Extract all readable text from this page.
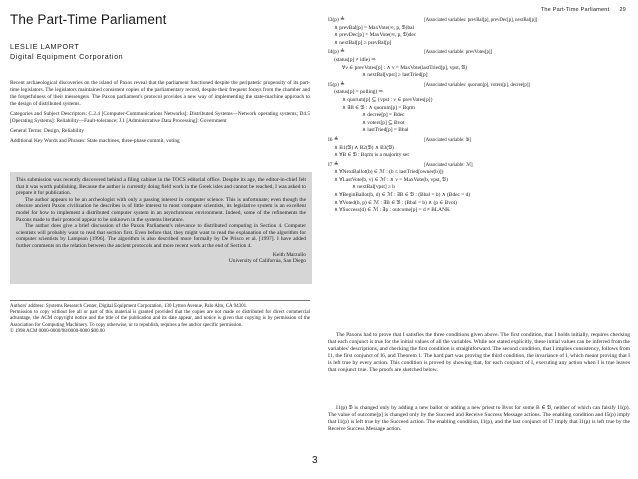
The Part-Time Parliament
LESLIE LAMPORT
Digital Equipment Corporation

Recent archaeological discoveries on the island of Paxos reveal that the parliament functioned despite the peripatetic propensity of its part-time legislators. The legislators maintained consistent copies of the parliamentary record, despite their frequent forays from the chamber and the forgetfulness of their messengers. The Paxon parliament's protocol provides a new way of implementing the state-machine approach to the design of distributed systems.

Categories and Subject Descriptors: C.2.4 [Computer-Communications Networks]: Distributed Systems—Network operating systems; D4.5 [Operating Systems]: Reliability—Fault-tolerance; J.1 [Administrative Data Processing]: Government

General Terms: Design, Reliability

Additional Key Words and Phrases: State machines, three-phase commit, voting

This submission was recently discovered behind a filing cabinet in the TOCS editorial office. Despite its age, the editor-in-chief felt that it was worth publishing. Because the author is currently doing field work in the Greek isles and cannot be reached, I was asked to prepare it for publication.

The author appears to be an archeologist with only a passing interest in computer science. This is unfortunate; even though the obscure ancient Paxon civilization he describes is of little interest to most computer scientists, its legislative system is an excellent model for how to implement a distributed computer system in an asynchronous environment. Indeed, some of the refinements the Paxons made to their protocol appear to be unknown in the systems literature.

The author does give a brief discussion of the Paxon Parliament's relevance to distributed computing in Section 4. Computer scientists will probably want to read that section first. Even before that, they might want to read the explanation of the algorithm for computer scientists by Lampson [1996]. The algorithm is also described more formally by De Prisco et al. [1997]. I have added further comments on the relation between the ancient protocols and more recent work at the end of Section 4.

Keith Marzullo
University of California, San Diego

Authors' address: Systems Research Center, Digital Equipment Corporation, 130 Lytton Avenue, Palo Alto, CA 94301.

Permission to copy without fee all or part of this material is granted provided that the copies are not made or distributed for direct commercial advantage, the ACM copyright notice and the title of the publication and its date appear, and notice is given that copying is by permission of the Association for Computing Machinery. To copy otherwise, or to republish, requires a fee and/or specific permission.

© 1998 ACM 0000-0000/98/0000-0000 $00.00

3
The Part-Time Parliament 29
I3(p) ≜	[Associated variables: prevBal[p], prevDec[p], nextBal[p]]
∧ prevBal[p] = MaxVote(∞, p, 𝔅)bal
∧ prevDec[p] = MaxVote(∞, p, 𝔅)dec
∧ nextBal[p] ≥ prevBal[p]
I4(p) ≜	[Associated variable: prevVotes[p]]
(status[p] ≠ idle) ⇒
∀v ∈ prevVotes[p] : ∧ v = MaxVote(lastTried[p], vpst, 𝔅)
∧ nextBal[vpst] ≥ lastTried[p]
I5(p) ≜	[Associated variables: quorum[p], voters[p], decree[p]]
(status[p] = polling) ⇒
∧ quorum[p] ⊆ {vpst : v ∈ prevVotes[p]}
∧ ∃B ∈ 𝔅 : ∧ quorum[p] = Bqrm
∧ decree[p] = Bdec
∧ voters[p] ⊆ Bvot
∧ lastTried[p] = Bbal
I6 ≜	[Associated variable: 𝔅]
∧ B1(𝔅) ∧ B2(𝔅) ∧ B3(𝔅)
∧ ∀B ∈ 𝔅 : Bqrm is a majority set
I7 ≜	[Associated variable: ℳ]
∧ ∀NextBallot(b) ∈ ℳ : (b ≤ lastTried[owner(b)])
∧ ∀LastVote(b, v) ∈ ℳ : ∧ v = MaxVote(b, vpst, 𝔅)
∧ nextBal[vpst] ≥ b
∧ ∀BeginBallot(b, d) ∈ ℳ : ∃B ∈ 𝔅 : (Bbal = b) ∧ (Bdec = d)
∧ ∀Voted(b, p) ∈ ℳ : ∃B ∈ 𝔅 : (Bbal = b) ∧ (p ∈ Bvot)
∧ ∀Success(d) ∈ ℳ : ∃p : outcome[p] = d ≠ BLANK

The Paxons had to prove that I satisfies the three conditions given above. The first condition, that I holds initially, requires checking that each conjunct is true for the initial values of all the variables. While not stated explicitly, these initial values can be inferred from the variables' descriptions, and checking the first condition is straightforward. The second condition, that I implies consistency, follows from I1, the first conjunct of I6, and Theorem 1. The hard part was proving the third condition, the invariance of I, which meant proving that I is left true by every action. This condition is proved by showing that, for each conjunct of I, executing any action when I is true leaves that conjunct true. The proofs are sketched below.

I1(p) 𝔅 is changed only by adding a new ballot or adding a new priest to Bvot for some B ∈ 𝔅, neither of which can falsify I1(p). The value of outcome[p] is changed only by the Succeed and Receive Success Message actions. The enabling condition and I5(p) imply that I1(p) is left true by the Succeed action. The enabling condition, I1(p), and the last conjunct of I7 imply that I1(p) is left true by the Receive Success Message action.
